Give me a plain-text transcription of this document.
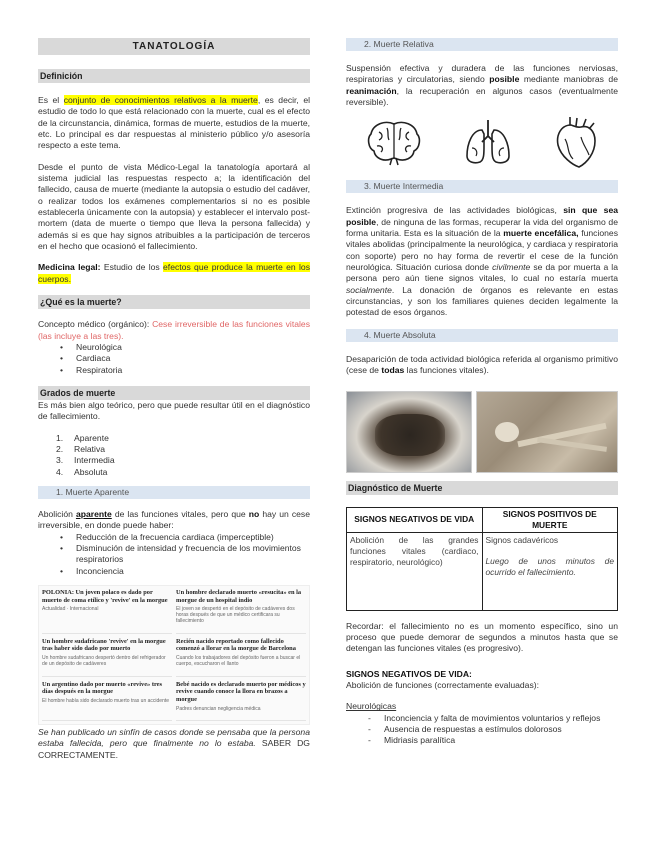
TANATOLOGÍA
Definición

Es el conjunto de conocimientos relativos a la muerte, es decir, el estudio de todo lo que está relacionado con la muerte, cual es el efecto de la circunstancia, dinámica, formas de muerte, estudios de la muerte, etc. Lo principal es dar respuestas al ministerio público y/o asesoría respecto a este tema.

Desde el punto de vista Médico-Legal la tanatología aportará al sistema judicial las respuestas respecto a; la identificación del fallecido, causa de muerte (mediante la autopsia o estudio del cadáver, o realizar todos los exámenes complementarios si no es posible establecerla únicamente con la autopsia) y establecer el intervalo post-mortem (data de muerte o tiempo que lleva la persona fallecida) y además si es que hay signos atribuibles a la participación de terceros en el hecho que ocasionó el fallecimiento.

Medicina legal: Estudio de los efectos que produce la muerte en los cuerpos.

¿Qué es la muerte?

Concepto médico (orgánico): Cese irreversible de las funciones vitales (las incluye a las tres).

• Neurológica
• Cardiaca
• Respiratoria
Grados de muerte

Es más bien algo teórico, pero que puede resultar útil en el diagnóstico de fallecimiento.

1. Aparente
2. Relativa
3. Intermedia
4. Absoluta
1. Muerte Aparente

Abolición aparente de las funciones vitales, pero que no hay un cese irreversible, en donde puede haber:

• Reducción de la frecuencia cardiaca (imperceptible)
• Disminución de intensidad y frecuencia de los movimientos respiratorios
• Inconciencia
POLONIA: Un joven polaco es dado por muerto de coma etílico y 'revive' en la morgue
Actualidad · Internacional
Un hombre declarado muerto «resucita» en la morgue de un hospital indio
El joven se despertó en el depósito de cadáveres dos horas después de que un médico certificara su fallecimiento
Un hombre sudafricano 'revive' en la morgue tras haber sido dado por muerto
Un hombre sudafricano despertó dentro del refrigerador de un depósito de cadáveres
Recién nacido reportado como fallecido comenzó a llorar en la morgue de Barcelona
Cuando los trabajadores del depósito fueron a buscar el cuerpo, escucharon el llanto
Un argentino dado por muerto «revive» tres días después en la morgue
El hombre había sido declarado muerto tras un accidente
Bebé nacido es declarado muerto por médicos y revive cuando conoce la llora en brazos a morgue
Padres denuncian negligencia médica

Se han publicado un sinfín de casos donde se pensaba que la persona estaba fallecida, pero que finalmente no lo estaba. SABER DG CORRECTAMENTE.

2. Muerte Relativa

Suspensión efectiva y duradera de las funciones nerviosas, respiratorias y circulatorias, siendo posible mediante maniobras de reanimación, la recuperación en algunos casos (eventualmente reversible).

3. Muerte Intermedia

Extinción progresiva de las actividades biológicas, sin que sea posible, de ninguna de las formas, recuperar la vida del organismo de forma unitaria. Esta es la situación de la muerte encefálica, funciones vitales abolidas (principalmente la neurológica, y cardiaca y respiratoria con soporte) pero no hay forma de revertir el cese de la función neurológica. Situación curiosa donde civilmente se da por muerta a la persona pero aún tiene signos vitales, lo cual no estaría muerta socialmente. La donación de órganos es relevante en estas circunstancias, y son los familiares quienes deciden legalmente la potestad de esos órganos.

4. Muerte Absoluta

Desaparición de toda actividad biológica referida al organismo primitivo (cese de todas las funciones vitales).

Diagnóstico de Muerte
SIGNOS NEGATIVOS DE VIDA	SIGNOS POSITIVOS DE MUERTE
Abolición de las grandes funciones vitales (cardiaco, respiratorio, neurológico)	Signos cadavéricos
Luego de unos minutos de ocurrido el fallecimiento.

Recordar: el fallecimiento no es un momento específico, sino un proceso que puede demorar de segundos a minutos hasta que se detengan las funciones vitales (es progresivo).

SIGNOS NEGATIVOS DE VIDA:

Abolición de funciones (correctamente evaluadas):

Neurológicas
- Inconciencia y falta de movimientos voluntarios y reflejos
- Ausencia de respuestas a estímulos dolorosos
- Midriasis paralítica
